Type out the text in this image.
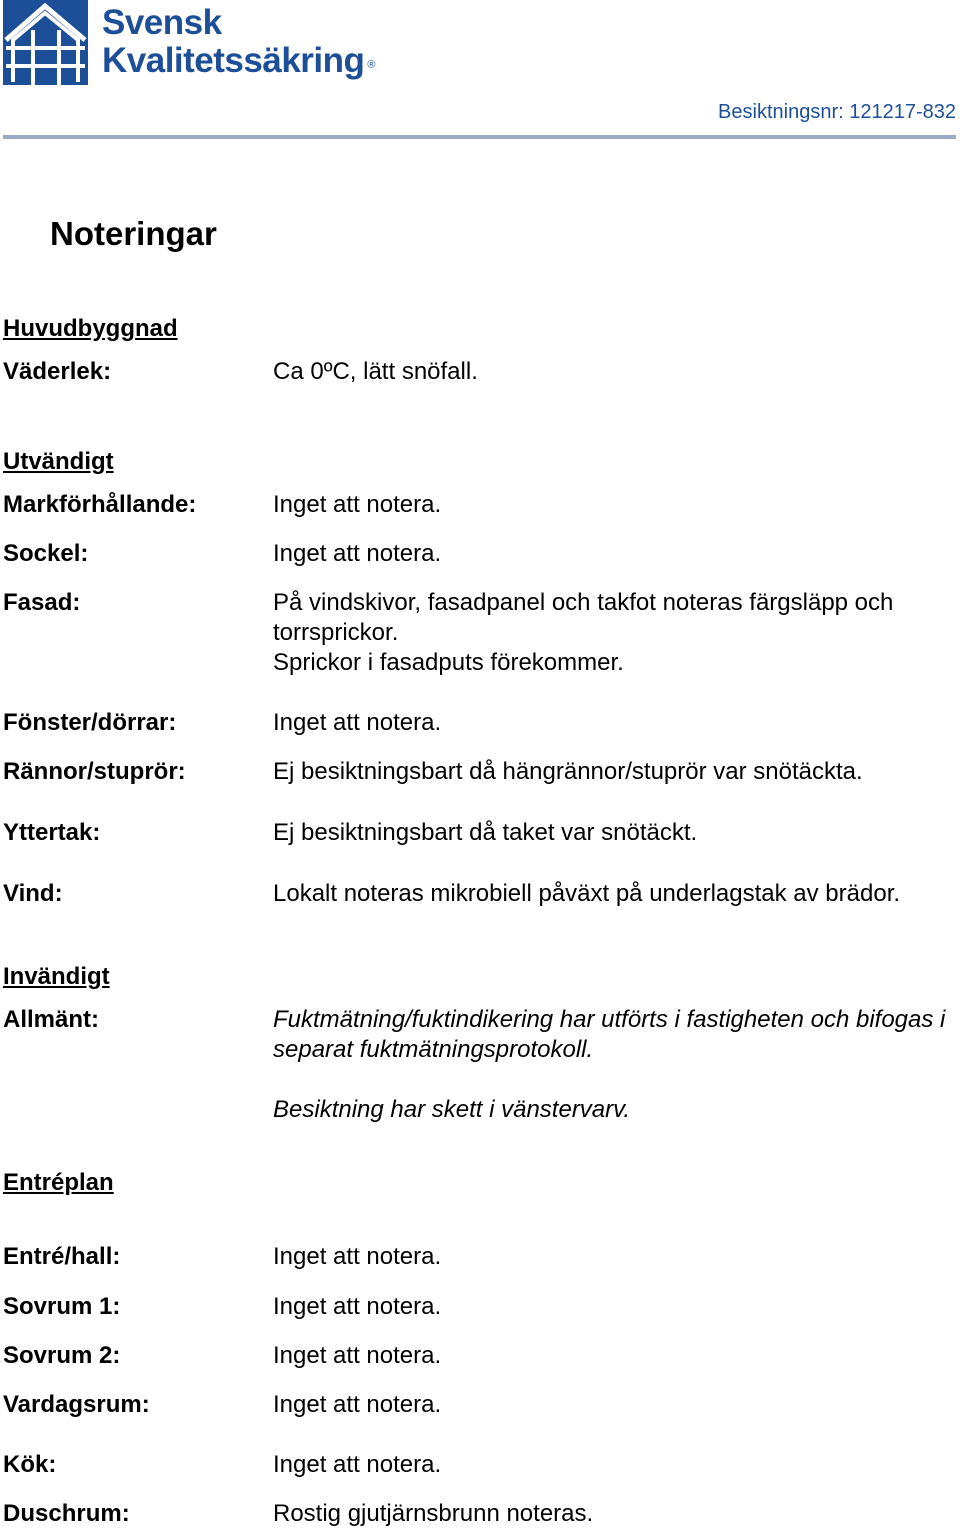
Svensk
Kvalitetssäkring ®
Besiktningsnr: 121217-832
Noteringar
Huvudbyggnad
Väderlek:	Ca 0ºC, lätt snöfall.
Utvändigt
Markförhållande:	Inget att notera.
Sockel:	Inget att notera.
Fasad:	På vindskivor, fasadpanel och takfot noteras färgsläpp och torrsprickor.

Sprickor i fasadputs förekommer.

Fönster/dörrar:	Inget att notera.
Rännor/stuprör:	Ej besiktningsbart då hängrännor/stuprör var snötäckta.
Yttertak:	Ej besiktningsbart då taket var snötäckt.
Vind:	Lokalt noteras mikrobiell påväxt på underlagstak av brädor.
Invändigt
Allmänt:	Fuktmätning/fuktindikering har utförts i fastigheten och bifogas i separat fuktmätningsprotokoll.

Besiktning har skett i vänstervarv.

Entréplan
Entré/hall:	Inget att notera.
Sovrum 1:	Inget att notera.
Sovrum 2:	Inget att notera.
Vardagsrum:	Inget att notera.
Kök:	Inget att notera.
Duschrum:	Rostig gjutjärnsbrunn noteras.
